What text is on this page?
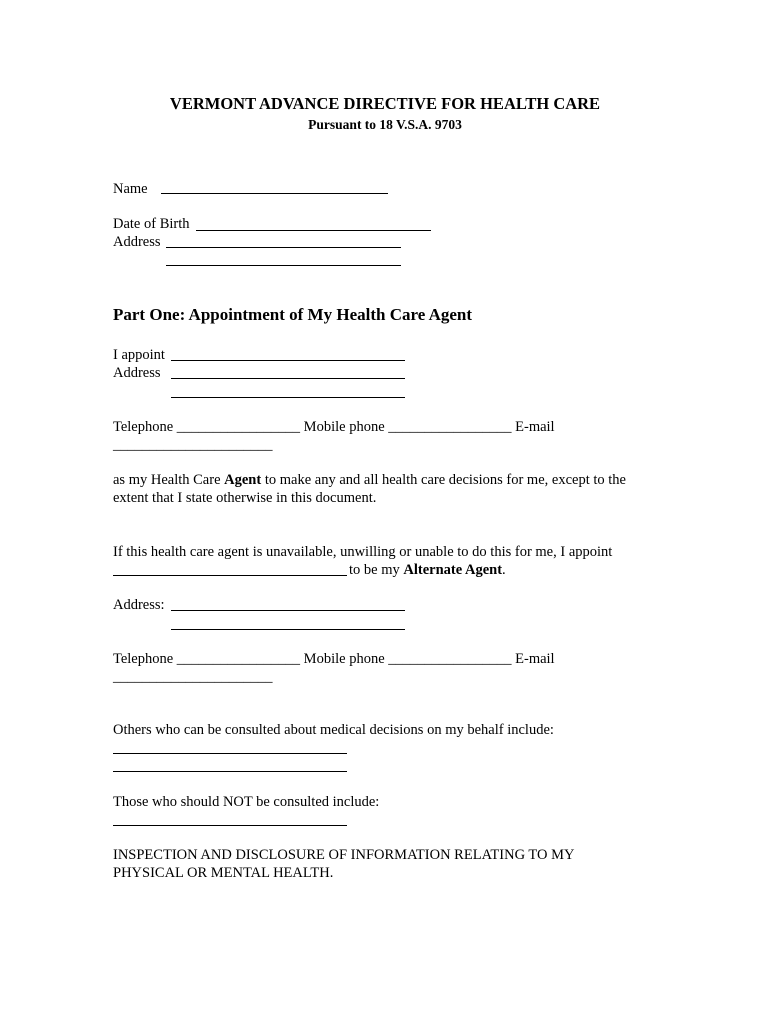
VERMONT ADVANCE DIRECTIVE FOR HEALTH CARE
Pursuant to 18 V.S.A. 9703
Name
Date of Birth
Address
Part One: Appointment of My Health Care Agent
I appoint
Address
Telephone _________________ Mobile phone _________________ E-mail
______________________
as my Health Care Agent to make any and all health care decisions for me, except to the
extent that I state otherwise in this document.
If this health care agent is unavailable, unwilling or unable to do this for me, I appoint
to be my Alternate Agent.
Address:
Telephone _________________ Mobile phone _________________ E-mail
______________________
Others who can be consulted about medical decisions on my behalf include:
Those who should NOT be consulted include:
INSPECTION AND DISCLOSURE OF INFORMATION RELATING TO MY
PHYSICAL OR MENTAL HEALTH.
